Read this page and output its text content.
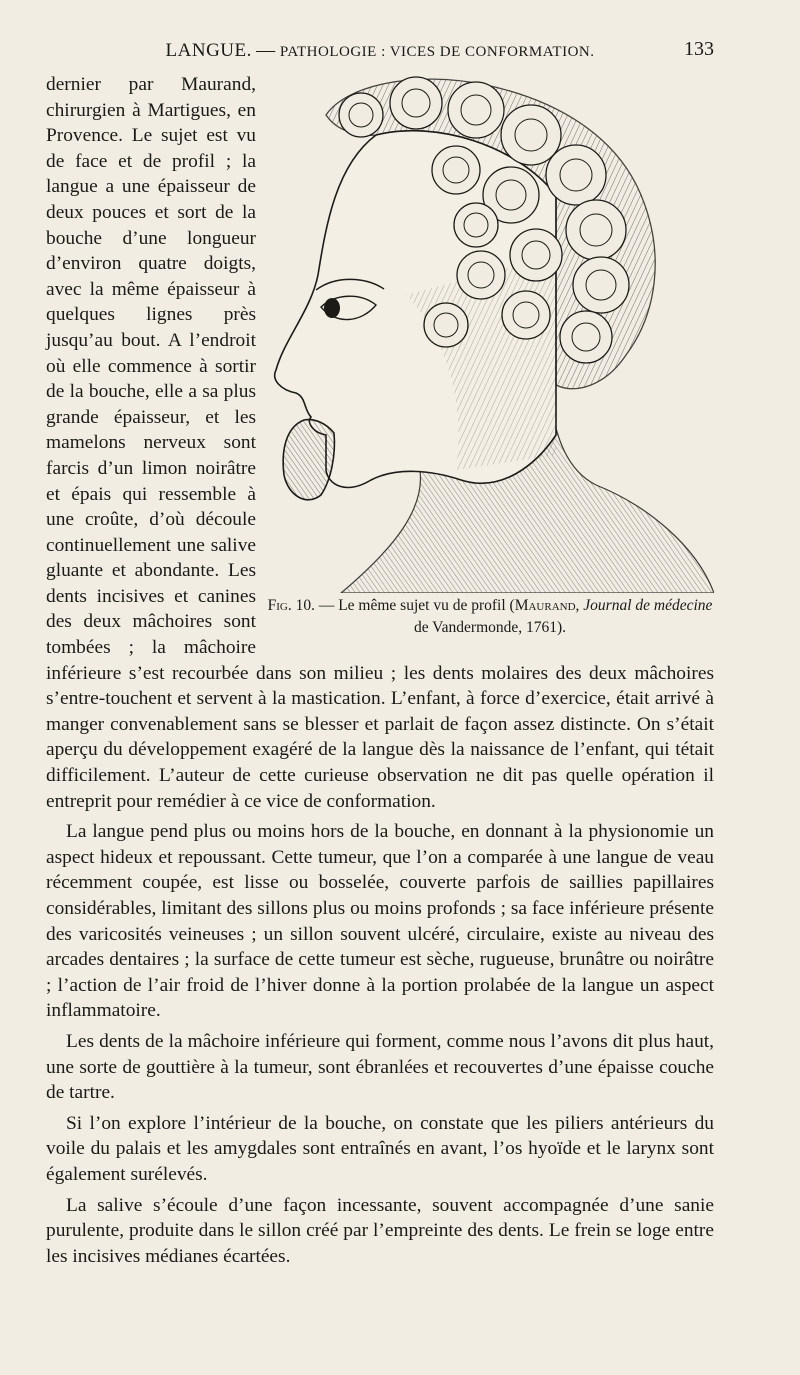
LANGUE. — PATHOLOGIE : VICES DE CONFORMATION.	133
Fig. 10. — Le même sujet vu de profil (Maurand, Journal de médecine de Vandermonde, 1761).

dernier par Maurand, chirurgien à Martigues, en Provence. Le sujet est vu de face et de profil ; la langue a une épaisseur de deux pouces et sort de la bouche d’une longueur d’environ quatre doigts, avec la même épaisseur à quelques lignes près jusqu’au bout. A l’endroit où elle commence à sortir de la bouche, elle a sa plus grande épaisseur, et les mamelons nerveux sont farcis d’un limon noirâtre et épais qui ressemble à une croûte, d’où découle continuellement une salive gluante et abondante. Les dents incisives et canines des deux mâchoires sont tombées ; la mâchoire inférieure s’est recourbée dans son milieu ; les dents molaires des deux mâchoires s’entre-touchent et servent à la mastication. L’enfant, à force d’exercice, était arrivé à manger convenablement sans se blesser et parlait de façon assez distincte. On s’était aperçu du développement exagéré de la langue dès la naissance de l’enfant, qui tétait difficilement. L’auteur de cette curieuse observation ne dit pas quelle opération il entreprit pour remédier à ce vice de conformation.

La langue pend plus ou moins hors de la bouche, en donnant à la physionomie un aspect hideux et repoussant. Cette tumeur, que l’on a comparée à une langue de veau récemment coupée, est lisse ou bosselée, couverte parfois de saillies papillaires considérables, limitant des sillons plus ou moins profonds ; sa face inférieure présente des varicosités veineuses ; un sillon souvent ulcéré, circulaire, existe au niveau des arcades dentaires ; la surface de cette tumeur est sèche, rugueuse, brunâtre ou noirâtre ; l’action de l’air froid de l’hiver donne à la portion prolabée de la langue un aspect inflammatoire.

Les dents de la mâchoire inférieure qui forment, comme nous l’avons dit plus haut, une sorte de gouttière à la tumeur, sont ébranlées et recouvertes d’une épaisse couche de tartre.

Si l’on explore l’intérieur de la bouche, on constate que les piliers antérieurs du voile du palais et les amygdales sont entraînés en avant, l’os hyoïde et le larynx sont également surélevés.

La salive s’écoule d’une façon incessante, souvent accompagnée d’une sanie purulente, produite dans le sillon créé par l’empreinte des dents. Le frein se loge entre les incisives médianes écartées.
